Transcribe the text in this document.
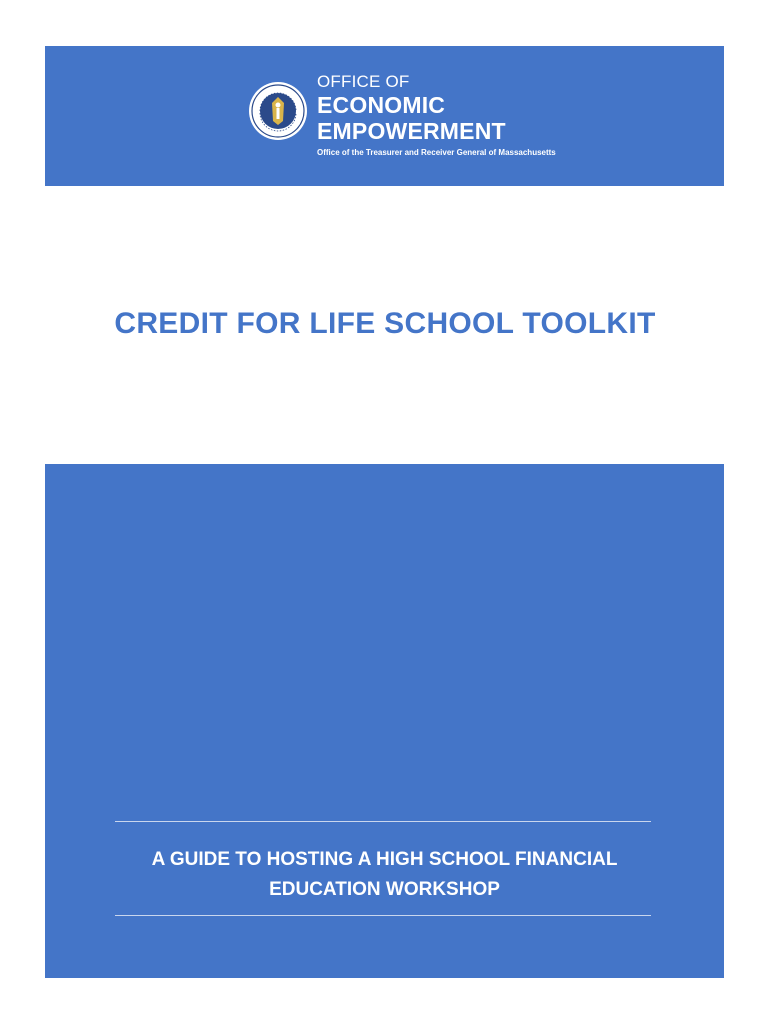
OFFICE OF
ECONOMIC
EMPOWERMENT
Office of the Treasurer and Receiver General of Massachusetts
CREDIT FOR LIFE SCHOOL TOOLKIT
A GUIDE TO HOSTING A HIGH SCHOOL FINANCIAL
EDUCATION WORKSHOP
